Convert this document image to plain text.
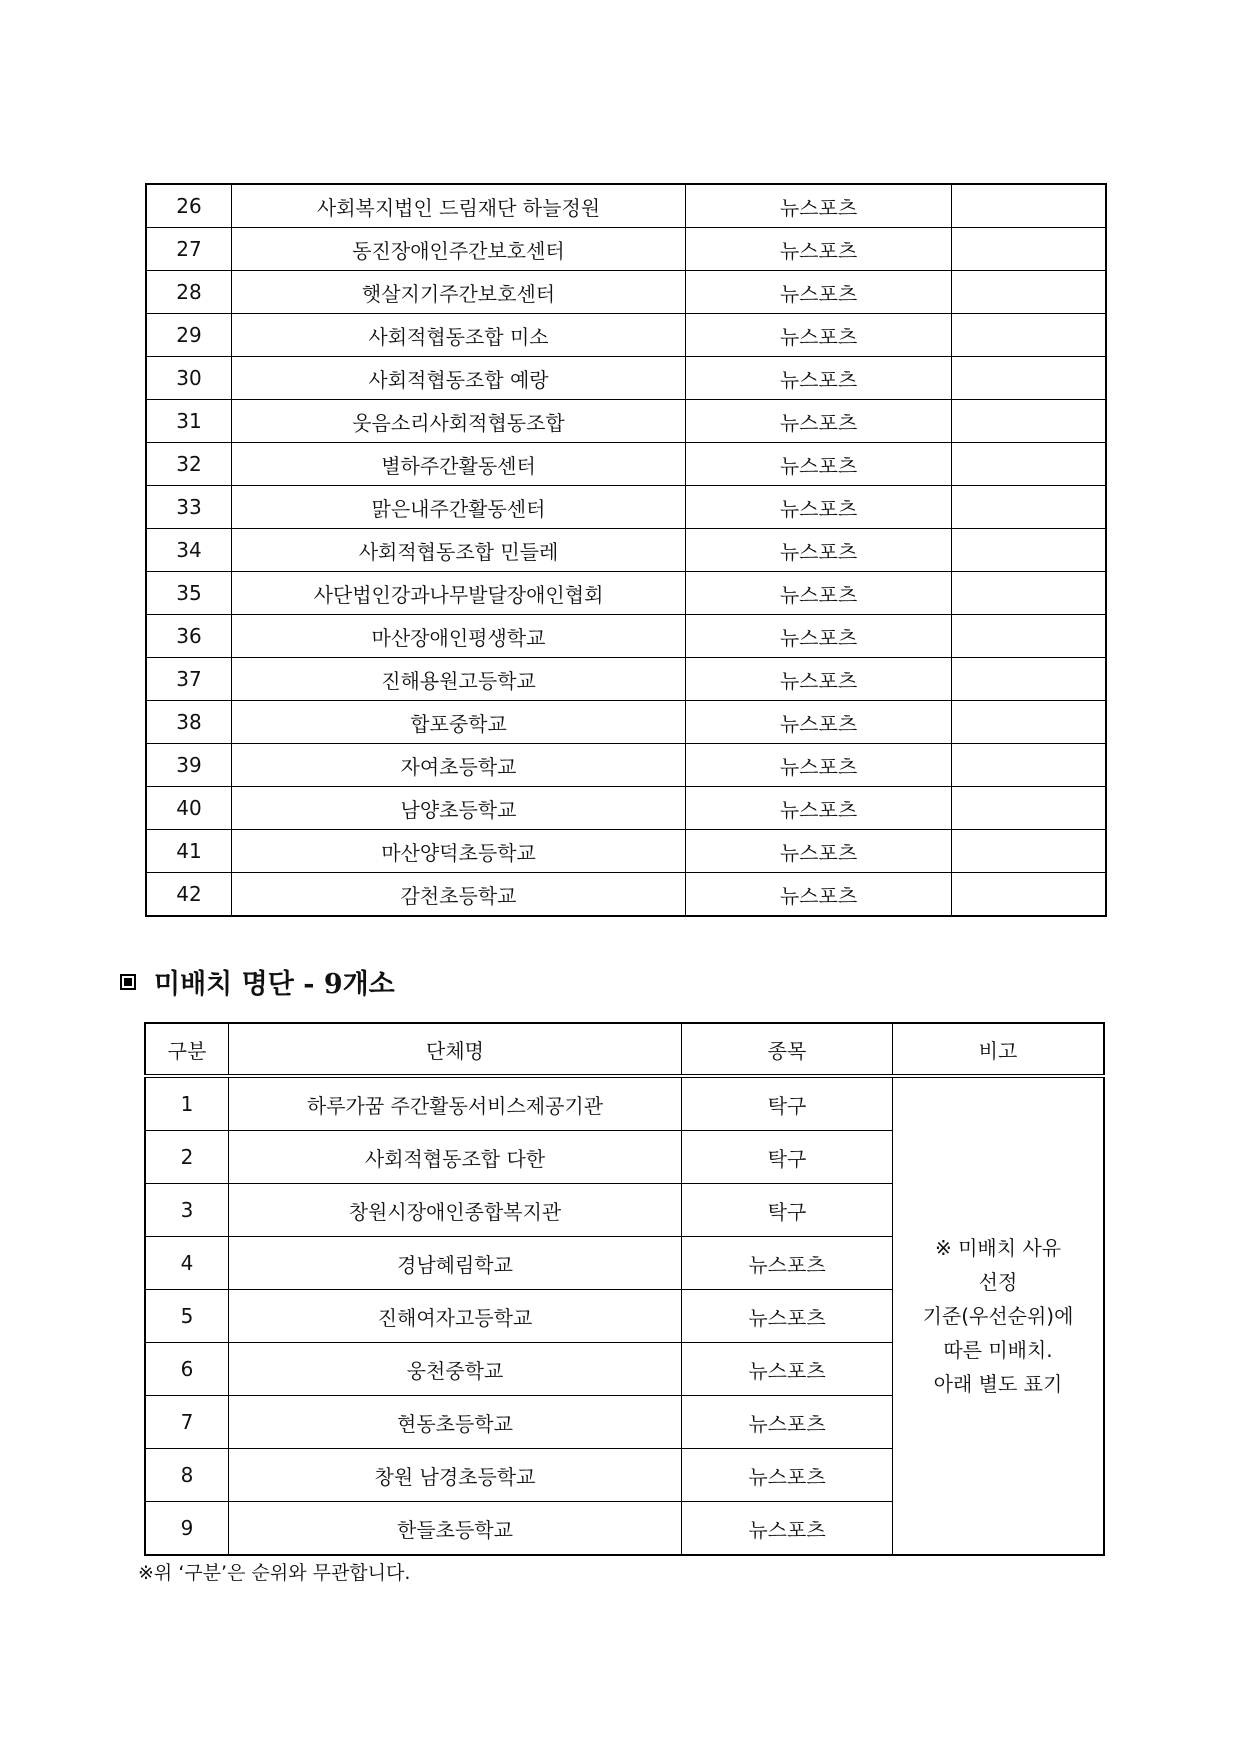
26	사회복지법인 드림재단 하늘정원	뉴스포츠	
27	동진장애인주간보호센터	뉴스포츠	
28	햇살지기주간보호센터	뉴스포츠	
29	사회적협동조합 미소	뉴스포츠	
30	사회적협동조합 예랑	뉴스포츠	
31	웃음소리사회적협동조합	뉴스포츠	
32	별하주간활동센터	뉴스포츠	
33	맑은내주간활동센터	뉴스포츠	
34	사회적협동조합 민들레	뉴스포츠	
35	사단법인강과나무발달장애인협회	뉴스포츠	
36	마산장애인평생학교	뉴스포츠	
37	진해용원고등학교	뉴스포츠	
38	합포중학교	뉴스포츠	
39	자여초등학교	뉴스포츠	
40	남양초등학교	뉴스포츠	
41	마산양덕초등학교	뉴스포츠	
42	감천초등학교	뉴스포츠	
미배치 명단 - 9개소
구분	단체명	종목	비고
1	하루가꿈 주간활동서비스제공기관	탁구	※ 미배치 사유
선정
기준(우선순위)에
따른 미배치.
아래 별도 표기

2	사회적협동조합 다한	탁구	
3	창원시장애인종합복지관	탁구	
4	경남혜림학교	뉴스포츠	
5	진해여자고등학교	뉴스포츠	
6	웅천중학교	뉴스포츠	
7	현동초등학교	뉴스포츠	
8	창원 남경초등학교	뉴스포츠	
9	한들초등학교	뉴스포츠	
※위 ‘구분’은 순위와 무관합니다.
